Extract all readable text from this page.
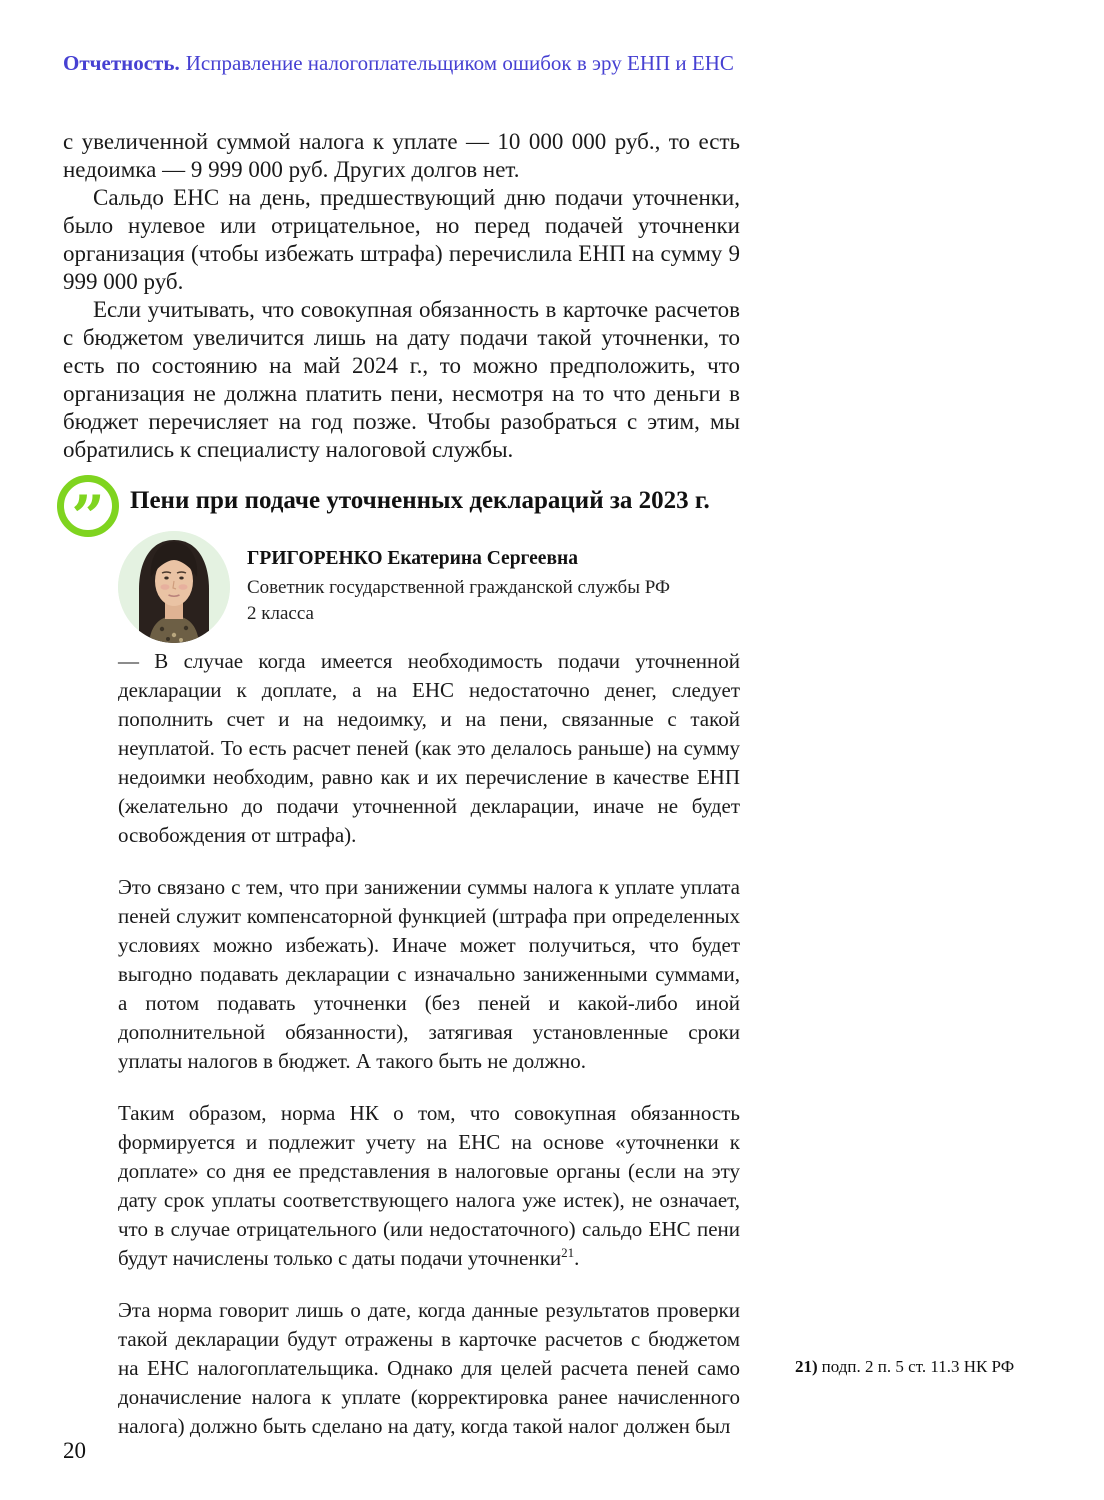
Отчетность. Исправление налогоплательщиком ошибок в эру ЕНП и ЕНС

с увеличенной суммой налога к уплате — 10 000 000 руб., то есть недоимка — 9 999 000 руб. Других долгов нет.

Сальдо ЕНС на день, предшествующий дню подачи уточненки, было нулевое или отрицательное, но перед подачей уточненки организация (чтобы избежать штрафа) перечислила ЕНП на сумму 9 999 000 руб.

Если учитывать, что совокупная обязанность в карточке расчетов с бюджетом увеличится лишь на дату подачи такой уточненки, то есть по состоянию на май 2024 г., то можно предположить, что организация не должна платить пени, несмотря на то что деньги в бюджет перечисляет на год позже. Чтобы разобраться с этим, мы обратились к специалисту налоговой службы.

” Пени при подаче уточненных деклараций за 2023 г.
ГРИГОРЕНКО Екатерина Сергеевна
Советник государственной гражданской службы РФ
2 класса

— В случае когда имеется необходимость подачи уточненной декларации к доплате, а на ЕНС недостаточно денег, следует пополнить счет и на недоимку, и на пени, связанные с такой неуплатой. То есть расчет пеней (как это делалось раньше) на сумму недоимки необходим, равно как и их перечисление в качестве ЕНП (желательно до подачи уточненной декларации, иначе не будет освобождения от штрафа).

Это связано с тем, что при занижении суммы налога к уплате уплата пеней служит компенсаторной функцией (штрафа при определенных условиях можно избежать). Иначе может получиться, что будет выгодно подавать декларации с изначально заниженными суммами, а потом подавать уточненки (без пеней и какой-либо иной дополнительной обязанности), затягивая установленные сроки уплаты налогов в бюджет. А такого быть не должно.

Таким образом, норма НК о том, что совокупная обязанность формируется и подлежит учету на ЕНС на основе «уточненки к доплате» со дня ее представления в налоговые органы (если на эту дату срок уплаты соответствующего налога уже истек), не означает, что в случае отрицательного (или недостаточного) сальдо ЕНС пени будут начислены только с даты подачи уточненки$^{21}$.

Эта норма говорит лишь о дате, когда данные результатов проверки такой декларации будут отражены в карточке расчетов с бюджетом на ЕНС налогоплательщика. Однако для целей расчета пеней само доначисление налога к уплате (корректировка ранее начисленного налога) должно быть сделано на дату, когда такой налог должен был

21) подп. 2 п. 5 ст. 11.3 НК РФ
20
